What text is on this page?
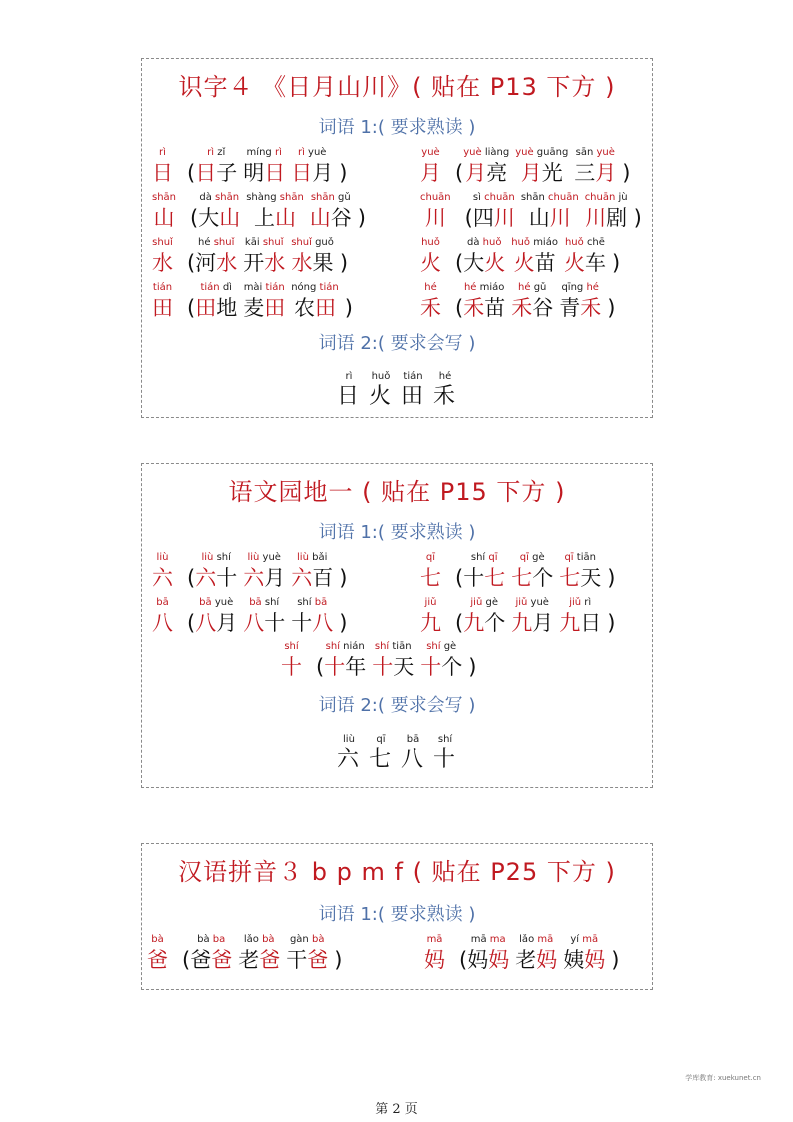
识字４ 《日月山川》( 贴在 P13 下方 )
词语 1:( 要求熟读 )
rì
日 (
rì zǐ
日子
míng rì
明日
rì yuè
日月 )
yuè
月 (
yuè liàng
月亮
yuè guāng
月光
sān yuè
三月 )
shān
山 (
dà shān
大山
shàng shān
上山
shān gǔ
山谷 )
chuān
川 (
sì chuān
四川
shān chuān
山川
chuān jù
川剧 )
shuǐ
水 (
hé shuǐ
河水
kāi shuǐ
开水
shuǐ guǒ
水果 )
huǒ
火 (
dà huǒ
大火
huǒ miáo
火苗
huǒ chē
火车 )
tián
田 (
tián dì
田地
mài tián
麦田
nóng tián
农田 )
hé
禾 (
hé miáo
禾苗
hé gǔ
禾谷
qīng hé
青禾 )
词语 2:( 要求会写 )
rì
日
huǒ
火
tián
田
hé
禾
语文园地一 ( 贴在 P15 下方 )
词语 1:( 要求熟读 )
liù
六 (
liù shí
六十
liù yuè
六月
liù bǎi
六百 )
qī
七 (
shí qī
十七
qī gè
七个
qī tiān
七天 )
bā
八 (
bā yuè
八月
bā shí
八十
shí bā
十八 )
jiǔ
九 (
jiǔ gè
九个
jiǔ yuè
九月
jiǔ rì
九日 )
shí
十 (
shí nián
十年
shí tiān
十天
shí gè
十个 )
词语 2:( 要求会写 )
liù
六
qī
七
bā
八
shí
十
汉语拼音３ b p m f ( 贴在 P25 下方 )
词语 1:( 要求熟读 )
bà
爸 (
bà ba
爸爸
lǎo bà
老爸
gàn bà
干爸 )
mā
妈 (
mā ma
妈妈
lǎo mā
老妈
yí mā
姨妈 )
学库教育: xuekunet.cn
第 2 页
